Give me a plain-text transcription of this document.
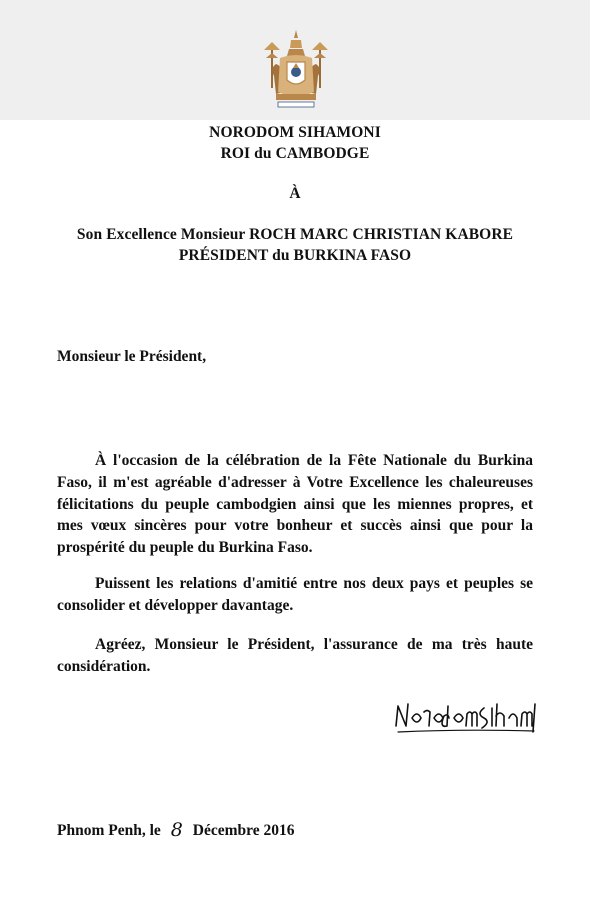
NORODOM SIHAMONI
ROI du CAMBODGE
À
Son Excellence Monsieur ROCH MARC CHRISTIAN KABORE
PRÉSIDENT du BURKINA FASO
Monsieur le Président,
À l'occasion de la célébration de la Fête Nationale du Burkina Faso, il m'est agréable d'adresser à Votre Excellence les chaleureuses félicitations du peuple cambodgien ainsi que les miennes propres, et mes vœux sincères pour votre bonheur et succès ainsi que pour la prospérité du peuple du Burkina Faso.
Puissent les relations d'amitié entre nos deux pays et peuples se consolider et développer davantage.
Agréez, Monsieur le Président, l'assurance de ma très haute considération.
Phnom Penh, le 8 Décembre 2016
